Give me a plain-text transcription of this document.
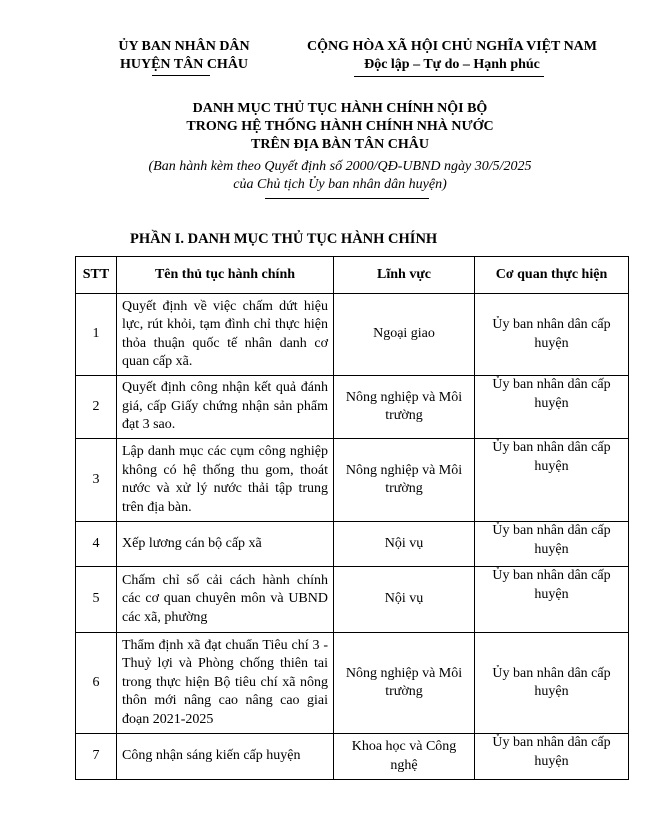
ỦY BAN NHÂN DÂN
HUYỆN TÂN CHÂU
CỘNG HÒA XÃ HỘI CHỦ NGHĨA VIỆT NAM
Độc lập – Tự do – Hạnh phúc
DANH MỤC THỦ TỤC HÀNH CHÍNH NỘI BỘ
TRONG HỆ THỐNG HÀNH CHÍNH NHÀ NƯỚC
TRÊN ĐỊA BÀN TÂN CHÂU
(Ban hành kèm theo Quyết định số 2000/QĐ-UBND ngày 30/5/2025
của Chủ tịch Ủy ban nhân dân huyện)
PHẦN I. DANH MỤC THỦ TỤC HÀNH CHÍNH
STT	Tên thủ tục hành chính	Lĩnh vực	Cơ quan thực hiện
1	Quyết định về việc chấm dứt hiệu lực, rút khỏi, tạm đình chỉ thực hiện thỏa thuận quốc tế nhân danh cơ quan cấp xã.	Ngoại giao	Ủy ban nhân dân cấp huyện

2	Quyết định công nhận kết quả đánh giá, cấp Giấy chứng nhận sản phẩm đạt 3 sao.	Nông nghiệp và Môi trường	Ủy ban nhân dân cấp huyện
3	Lập danh mục các cụm công nghiệp không có hệ thống thu gom, thoát nước và xử lý nước thải tập trung trên địa bàn.	Nông nghiệp và Môi trường	Ủy ban nhân dân cấp huyện
4	Xếp lương cán bộ cấp xã	Nội vụ	Ủy ban nhân dân cấp huyện
5	Chấm chỉ số cải cách hành chính các cơ quan chuyên môn và UBND các xã, phường	Nội vụ	Ủy ban nhân dân cấp huyện
6	Thẩm định xã đạt chuẩn Tiêu chí 3 - Thuỷ lợi và Phòng chống thiên tai trong thực hiện Bộ tiêu chí xã nông thôn mới nâng cao nâng cao giai đoạn 2021-2025	Nông nghiệp và Môi trường	Ủy ban nhân dân cấp huyện

7	Công nhận sáng kiến cấp huyện	Khoa học và Công nghệ	Ủy ban nhân dân cấp huyện
